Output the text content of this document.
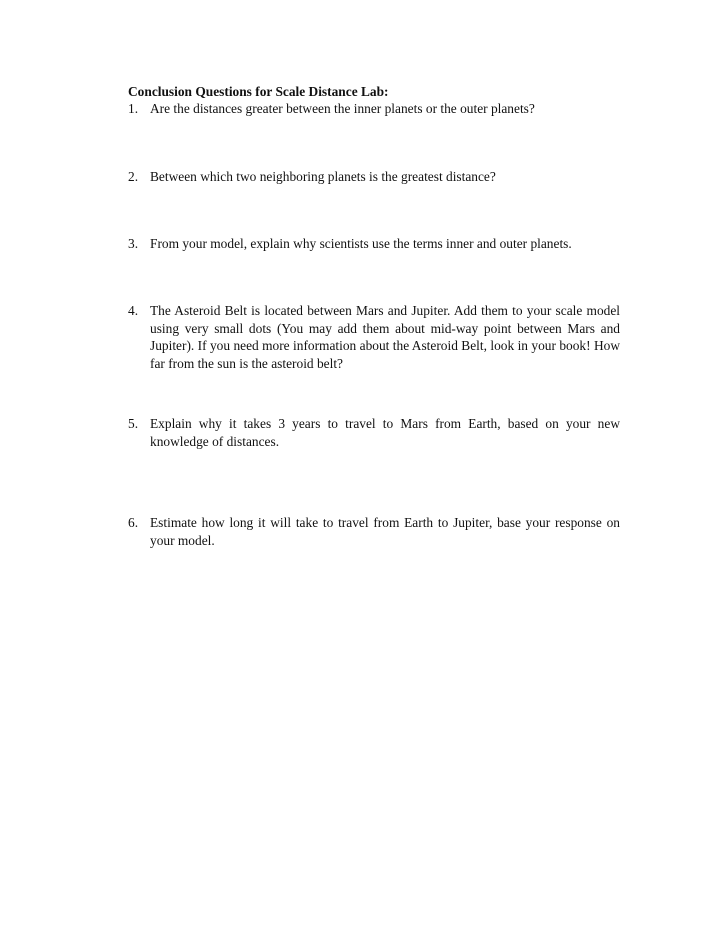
Conclusion Questions for Scale Distance Lab:
1. Are the distances greater between the inner planets or the outer planets?
2. Between which two neighboring planets is the greatest distance?
3. From your model, explain why scientists use the terms inner and outer planets.
4. The Asteroid Belt is located between Mars and Jupiter. Add them to your scale model using very small dots (You may add them about mid-way point between Mars and Jupiter). If you need more information about the Asteroid Belt, look in your book! How far from the sun is the asteroid belt?
5. Explain why it takes 3 years to travel to Mars from Earth, based on your new knowledge of distances.
6. Estimate how long it will take to travel from Earth to Jupiter, base your response on your model.
